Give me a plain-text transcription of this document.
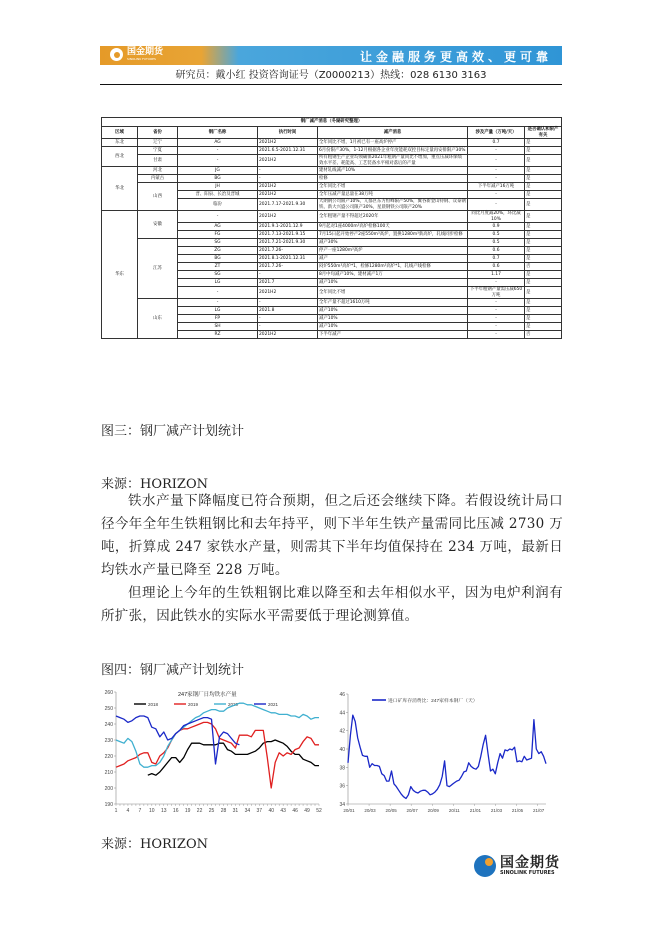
国金期货
SINOLINK FUTURES	让金融服务更高效、更可靠
研究员：戴小红 投资咨询证号（Z0000213）热线：028 6130 3163
钢厂减产消息（冬湖研究整理）						
区域	省份	钢厂名称	执行时间	减产消息	涉及产量（万吨/天）	是否确认和限产有关
东北	辽宁	AG	2021H2	全年同比不增，1月初已有一座高炉停产	0.7	是
西北	宁夏	-	2021.6.5-2021.12.31	6月份限产30%，1-12月根据各企业年度能耗双控目标定量再安排限产30%	-	是
	甘肃	-	2021H2	所有粗钢生产企业均须确保2021年粗钢产量同比不增加，重点压减环保绩效水平差、耗能高、工艺装备水平相对落后的产量	-	是
华北	河北	JG	-	建材轧线减产10%	-	是
	内蒙古	BG	-	检修	-	是
	山西	JH	2021H2	全年同比不增	下半年减产16万吨	是
		晋、阳泉、长治及晋城	2021H2	全年压减产量总量在38万吨	-	是
		临汾	2021.7.17-2021.9.30	大朗钢公司限产10%，亢都区东方恒峰限产50%，翼谷新金山特钢、众泰钢铁、新大兴盛公司限产30%，星晨钢铁公司限产20%	-	是
华东	安徽	-	2021H2	全年粗钢产量不得超过2020年	同比月度减20%，环比减10%	是
		AG	2021.9.1-2021.12.9	9月起对1座4000m³高炉检修100天	0.9	是
		FG	2021.7.13-2021.9.15	7月15日起开始停产2座550m³高炉，置换1280m³新高炉，轧线同步检修	0.5	是
	江苏	SG	2021.7.21-2021.9.30	减产30%	0.5	是
		ZG	2021.7.26-	停产一座1280m³高炉	0.6	是
		BG	2021.8.1-2021.12.31	减产	0.7	是
		ZT	2021.7.26-	闷炉550m³高炉*1，检修1280m³高炉*1，轧线产线检修	0.6	否
		SG	-	8月中旬减产10%，建材减产1万	1.17	是
		LG	2021.7	减产10%	-	是
		-	2021H2	全年同比不增	下半年粗钢产量需压减650万吨	是
	山东	-	-	全年产量不超过1610万吨	-	是
		LG	2021.8	减产10%	-	是
		FP	-	减产10%	-	是
		SH	-	减产10%	-	是
		RZ	2021H2	下半年减产	-	否
图三：钢厂减产计划统计
来源：HORIZON

铁水产量下降幅度已符合预期，但之后还会继续下降。若假设统计局口径今年全年生铁粗钢比和去年持平，则下半年生铁产量需同比压减 2730 万吨，折算成 247 家铁水产量，则需其下半年均值保持在 234 万吨，最新日均铁水产量已降至 228 万吨。

但理论上今年的生铁粗钢比难以降至和去年相似水平，因为电炉利润有所扩张，因此铁水的实际水平需要低于理论测算值。

图四：钢厂减产计划统计
190
200
210
220
230
240
250
260
1 4 7 10 13 16 19 22 25 28 31 34 37 40 43 46 49 52
247家钢厂日均铁水产量
2018	2019	2020	2021
34
36
38
40
42
44
46
20/01 20/03 20/05 20/07 20/09 20/11 21/01 21/03 21/05 21/07
进口矿库存消费比：247家样本钢厂（天）
来源：HORIZON
国金期货
SINOLINK FUTURES
